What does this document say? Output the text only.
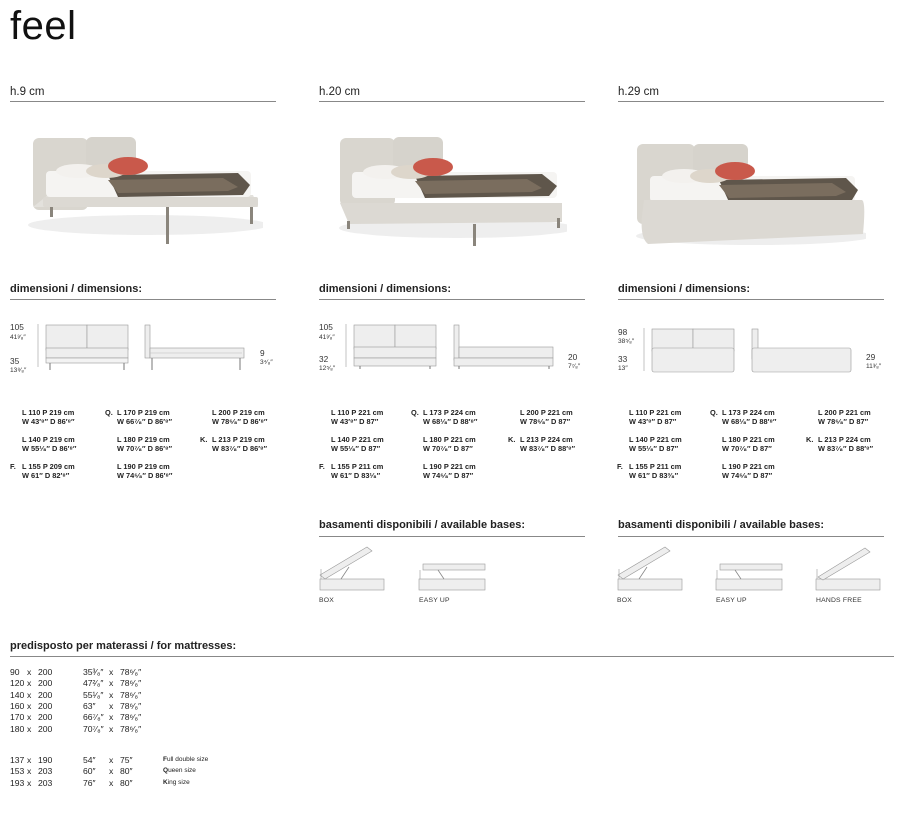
feel
h.9 cm
dimensioni / dimensions:
105
41³⁄₈″
35
13⁸⁄₈″
9
3⁴⁄₈″
L 110 P 219 cm
W 43′⁸″ D 86′⁸″
Q. L 170 P 219 cm
W 66⁷⁄₈″ D 86′⁸″
L 200 P 219 cm
W 78⁶⁄₈″ D 86′⁸″
L 140 P 219 cm
W 55¹⁄₈″ D 86′⁸″
L 180 P 219 cm
W 70⁷⁄₈″ D 86′⁸″
K. L 213 P 219 cm
W 83⁷⁄₈″ D 86′⁸″
F. L 155 P 209 cm
W 61″ D 82′⁸″
L 190 P 219 cm
W 74⁶⁄₈″ D 86′⁸″
h.20 cm
dimensioni / dimensions:
105
41³⁄₈″
32
12⁵⁄₈″
20
7⁷⁄₈″
L 110 P 221 cm
W 43′⁸″ D 87″
Q. L 173 P 224 cm
W 68¹⁄₈″ D 88′⁸″
L 200 P 221 cm
W 78⁶⁄₈″ D 87″
L 140 P 221 cm
W 55¹⁄₈″ D 87″
L 180 P 221 cm
W 70⁷⁄₈″ D 87″
K. L 213 P 224 cm
W 83⁷⁄₈″ D 88′⁸″
F. L 155 P 211 cm
W 61″ D 83¹⁄₈″
L 190 P 221 cm
W 74⁶⁄₈″ D 87″
basamenti disponibili / available bases:
BOX	EASY UP
h.29 cm
dimensioni / dimensions:
98
38⁵⁄₈″
33
13″
29
11³⁄₈″
L 110 P 221 cm
W 43′⁸″ D 87″
Q. L 173 P 224 cm
W 68¹⁄₈″ D 88′⁸″
L 200 P 221 cm
W 78⁶⁄₈″ D 87″
L 140 P 221 cm
W 55¹⁄₈″ D 87″
L 180 P 221 cm
W 70⁷⁄₈″ D 87″
K. L 213 P 224 cm
W 83⁷⁄₈″ D 88′⁸″
F. L 155 P 211 cm
W 61″ D 83³⁄₈″
L 190 P 221 cm
W 74⁶⁄₈″ D 87″
basamenti disponibili / available bases:
BOX	EASY UP	HANDS FREE
predisposto per materassi / for mattresses:
90 x 200	35³⁄₈″ x 78⁶⁄₈″
120 x 200	47²⁄₈″ x 78⁶⁄₈″
140 x 200	55¹⁄₈″ x 78⁶⁄₈″
160 x 200	63″ x 78⁶⁄₈″
170 x 200	66⁷⁄₈″ x 78⁶⁄₈″
180 x 200	70⁷⁄₈″ x 78⁶⁄₈″
137 x 190	54″ x 75″	Full double size
153 x 203	60″ x 80″	Queen size
193 x 203	76″ x 80″	King size
